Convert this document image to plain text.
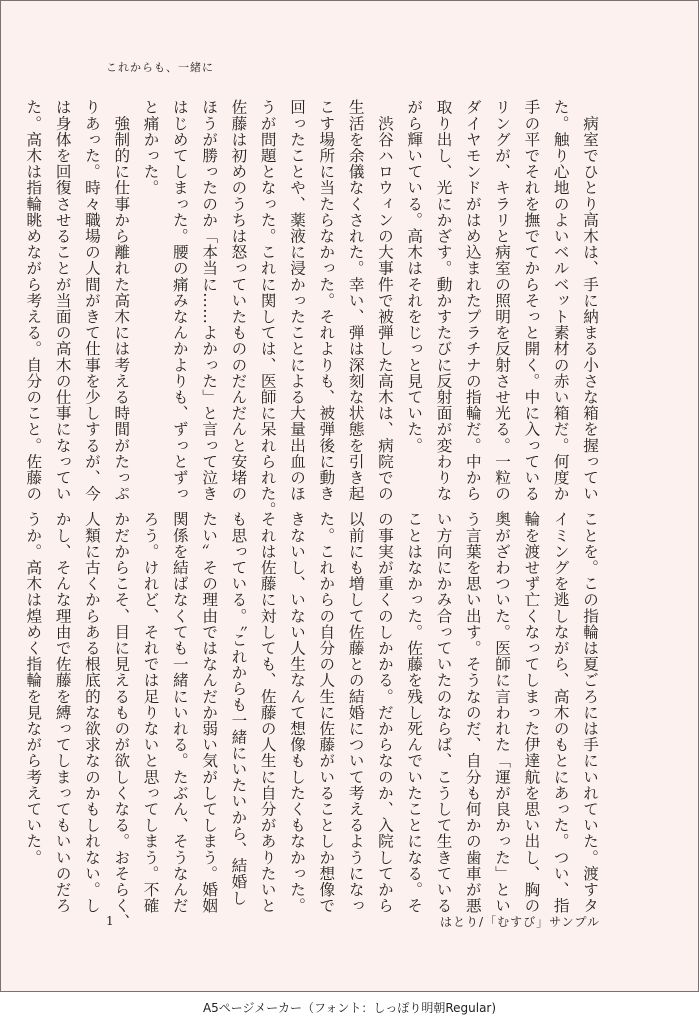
これからも、一緒に

　病室でひとり高木は、手に納まる小さな箱を握ってい

た。触り心地のよいベルベット素材の赤い箱だ。何度か

手の平でそれを撫でてからそっと開く。中に入っている

リングが、キラリと病室の照明を反射させ光る。一粒の

ダイヤモンドがはめ込まれたプラチナの指輪だ。中から

取り出し、光にかざす。動かすたびに反射面が変わりな

がら輝いている。高木はそれをじっと見ていた。

　渋谷ハロウィンの大事件で被弾した高木は、病院での

生活を余儀なくされた。幸い、弾は深刻な状態を引き起

こす場所に当たらなかった。それよりも、被弾後に動き

回ったことや、薬液に浸かったことによる大量出血のほ

うが問題となった。これに関しては、医師に呆れられた。

佐藤は初めのうちは怒っていたもののだんだんと安堵の

ほうが勝ったのか「本当に……よかった」と言って泣き

はじめてしまった。腰の痛みなんかよりも、ずっとずっ

と痛かった。

　強制的に仕事から離れた高木には考える時間がたっぷ

りあった。時々職場の人間がきて仕事を少しするが、今

は身体を回復させることが当面の高木の仕事になってい

た。高木は指輪眺めながら考える。自分のこと。佐藤の

ことを。この指輪は夏ごろには手にいれていた。渡すタ

イミングを逃しながら、高木のもとにあった。つい、指

輪を渡せず亡くなってしまった伊達航を思い出し、胸の

奥がざわついた。医師に言われた「運が良かった」とい

う言葉を思い出す。そうなのだ、自分も何かの歯車が悪

い方向にかみ合っていたのならば、こうして生きている

ことはなかった。佐藤を残し死んでいたことになる。そ

の事実が重くのしかかる。だからなのか、入院してから

以前にも増して佐藤との結婚について考えるようになっ

た。これからの自分の人生に佐藤がいることしか想像で

きないし、いない人生なんて想像もしたくもなかった。

それは佐藤に対しても、佐藤の人生に自分がありたいと

も思っている。〝これからも一緒にいたいから、結婚し

たい〟その理由ではなんだか弱い気がしてしまう。婚姻

関係を結ばなくても一緒にいれる。たぶん、そうなんだ

ろう。けれど、それでは足りないと思ってしまう。不確

かだからこそ、目に見えるものが欲しくなる。おそらく、

人類に古くからある根底的な欲求なのかもしれない。し

かし、そんな理由で佐藤を縛ってしまってもいいのだろ

うか。高木は煌めく指輪を見ながら考えていた。

1	はとり/「むすび」サンプル
A5ページメーカー（フォント：しっぽり明朝Regular)
